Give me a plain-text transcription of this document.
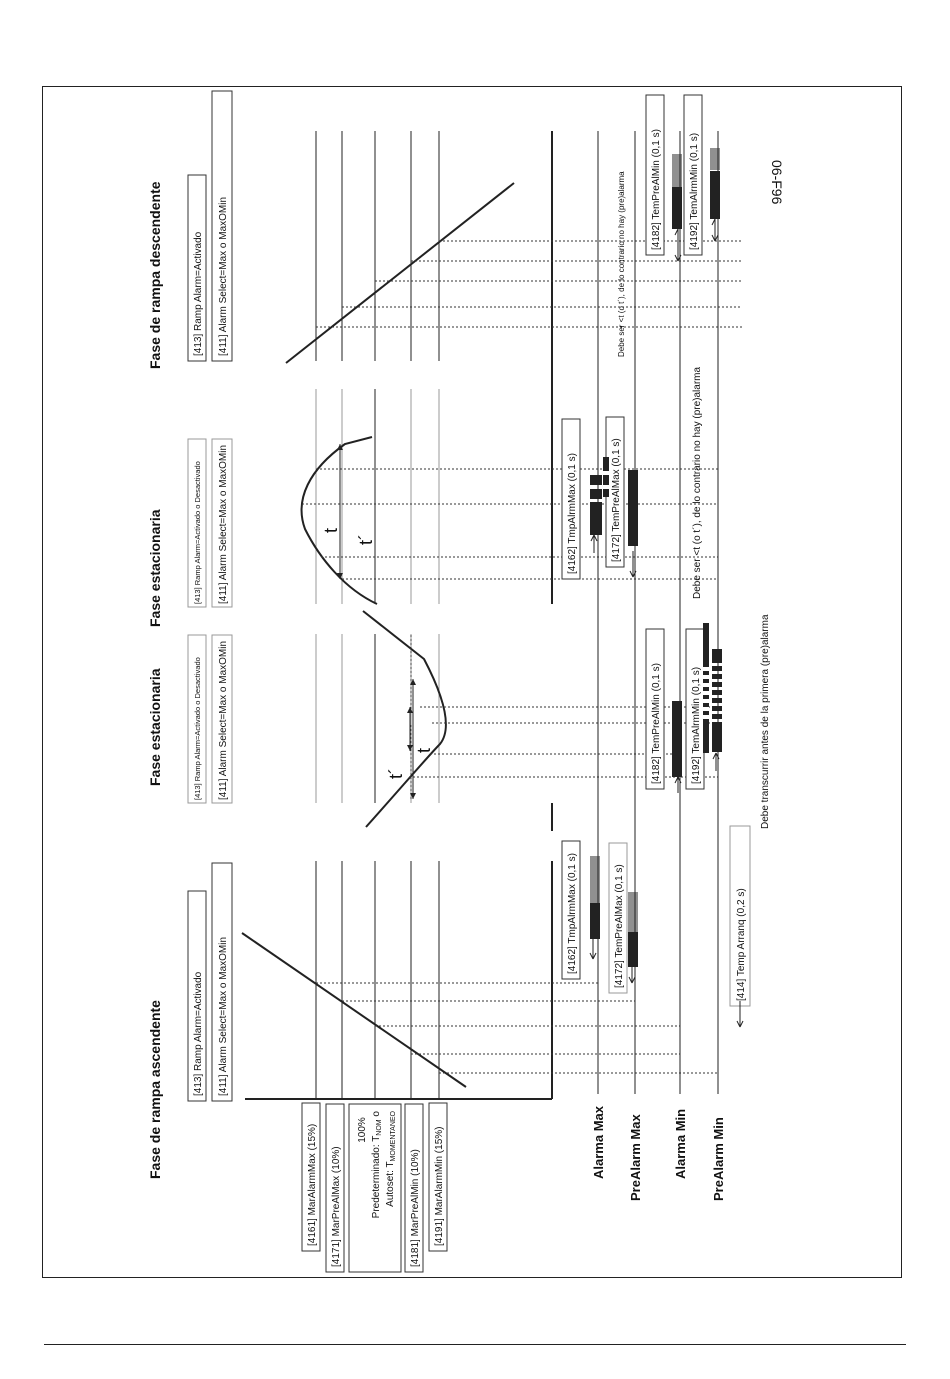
Fase de rampa ascendente
Fase estacionaria
Fase estacionaria
Fase de rampa descendente
[413] Ramp Alarm=Activado [411] Alarm Select=Max o MaxOMin
[413] Ramp Alarm=Activado o Desactivado [411] Alarm Select=Max o MaxOMin
[413] Ramp Alarm=Activado o Desactivado [411] Alarm Select=Max o MaxOMin
[413] Ramp Alarm=Activado [411] Alarm Select=Max o MaxOMin
[4161] MarAlarmMax (15%) [4171] MarPreAlMax (10%)
100%
Predeterminado: $T_{NOM}$ o
Autoset: $T_{MOMENTANEO}$
[4181] MarPreAlMin (10%) [4191] MarAlarmMin (15%)
t
t´
t
t´
Alarma Max PreAlarm Max Alarma Min PreAlarm Min
[4162] TmpAlrmMax (0,1 s)	[4172] TemPreAlMax (0,1 s)	[414] Temp Arranq (0,2 s)
[4182] TemPreAlMin (0,1 s)	[4192] TemAlrmMin (0,1 s)	Debe transcurrir antes de la primera (pre)alarma
[4162] TmpAlrmMax (0,1 s)	[4172] TemPreAlMax (0,1 s)	Debe ser <t (o t´), de lo contrario no hay (pre)alarma
[4182] TemPreAlMin (0,1 s)	[4192] TemAlrmMin (0,1 s)
Debe ser <t (o t´), de lo contrario no hay (pre)alarma	06-F96
